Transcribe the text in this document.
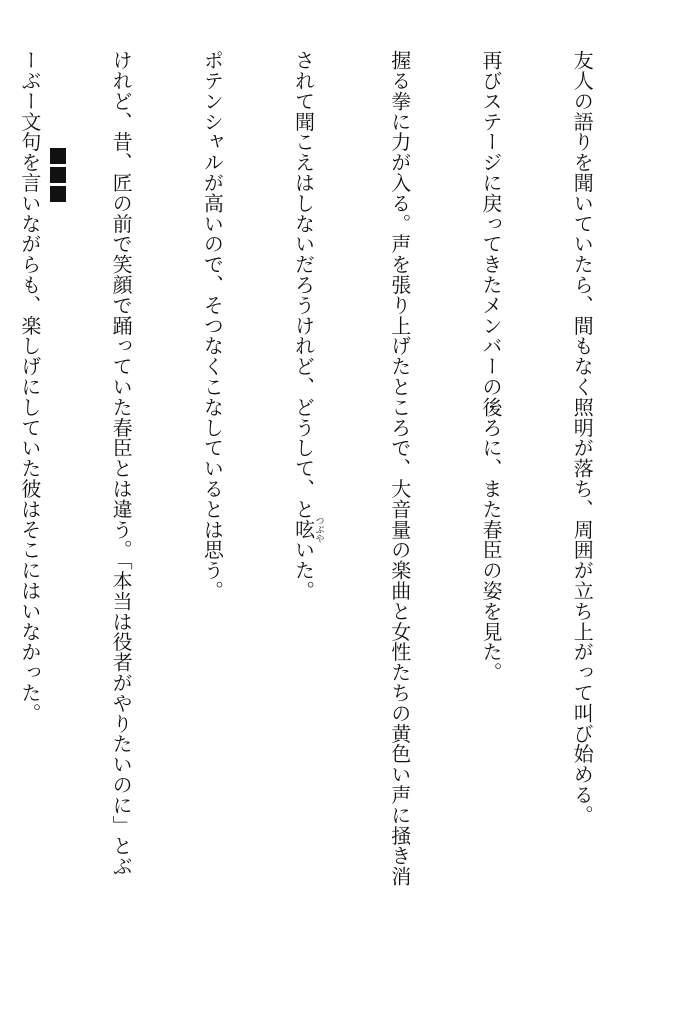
友人の語りを聞いていたら、間もなく照明が落ち、周囲が立ち上がって叫び始める。

再びステージに戻ってきたメンバーの後ろに、また春臣の姿を見た。

握る拳に力が入る。声を張り上げたところで、大音量の楽曲と女性たちの黄色い声に掻き消

されて聞こえはしないだろうけれど、どうして、と呟つぶやいた。

ポテンシャルが高いので、そつなくこなしているとは思う。

けれど、昔、匠の前で笑顔で踊っていた春臣とは違う。「本当は役者がやりたいのに」とぶ

ーぶー文句を言いながらも、楽しげにしていた彼はそこにはいなかった。
